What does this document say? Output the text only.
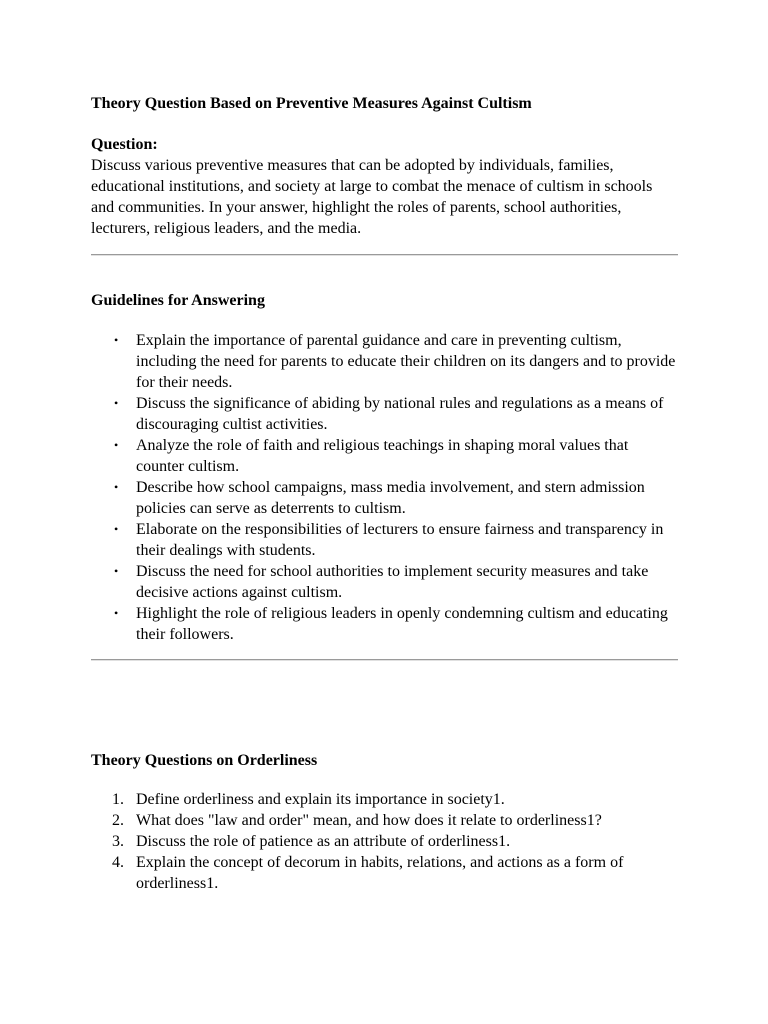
Theory Question Based on Preventive Measures Against Cultism
Question:
Discuss various preventive measures that can be adopted by individuals, families, educational institutions, and society at large to combat the menace of cultism in schools and communities. In your answer, highlight the roles of parents, school authorities, lecturers, religious leaders, and the media.
Guidelines for Answering
• Explain the importance of parental guidance and care in preventing cultism, including the need for parents to educate their children on its dangers and to provide for their needs.
• Discuss the significance of abiding by national rules and regulations as a means of discouraging cultist activities.
• Analyze the role of faith and religious teachings in shaping moral values that counter cultism.
• Describe how school campaigns, mass media involvement, and stern admission policies can serve as deterrents to cultism.
• Elaborate on the responsibilities of lecturers to ensure fairness and transparency in their dealings with students.
• Discuss the need for school authorities to implement security measures and take decisive actions against cultism.
• Highlight the role of religious leaders in openly condemning cultism and educating their followers.
Theory Questions on Orderliness
1. Define orderliness and explain its importance in society1.
2. What does "law and order" mean, and how does it relate to orderliness1?
3. Discuss the role of patience as an attribute of orderliness1.
4. Explain the concept of decorum in habits, relations, and actions as a form of orderliness1.
